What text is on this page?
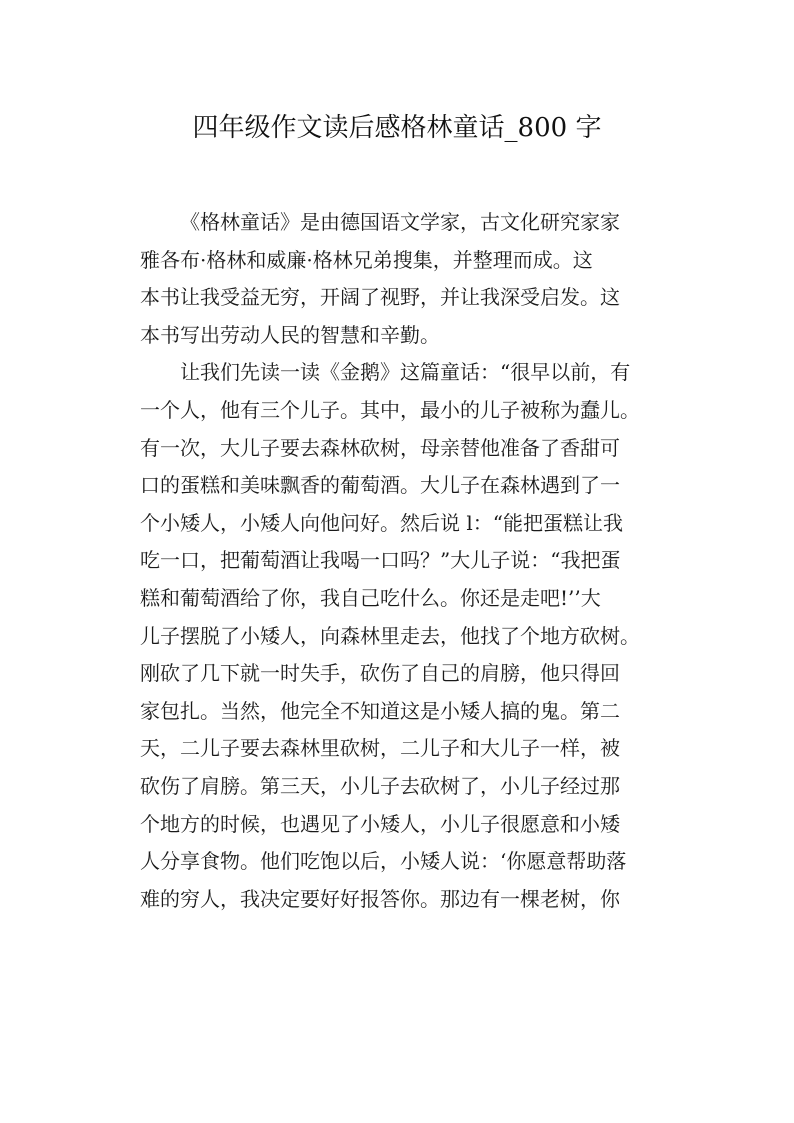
四年级作文读后感格林童话_800 字

《格林童话》是由德国语文学家，古文化研究家家
雅各布·格林和威廉·格林兄弟搜集，并整理而成。这
本书让我受益无穷，开阔了视野，并让我深受启发。这
本书写出劳动人民的智慧和辛勤。

让我们先读一读《金鹅》这篇童话：“很早以前，有
一个人，他有三个儿子。其中，最小的儿子被称为蠢儿。
有一次，大儿子要去森林砍树，母亲替他准备了香甜可
口的蛋糕和美味飘香的葡萄酒。大儿子在森林遇到了一
个小矮人，小矮人向他问好。然后说 l：“能把蛋糕让我
吃一口，把葡萄酒让我喝一口吗？”大儿子说：“我把蛋
糕和葡萄酒给了你，我自己吃什么。你还是走吧!’’大
儿子摆脱了小矮人，向森林里走去，他找了个地方砍树。
刚砍了几下就一时失手，砍伤了自己的肩膀，他只得回
家包扎。当然，他完全不知道这是小矮人搞的鬼。第二
天，二儿子要去森林里砍树，二儿子和大儿子一样，被
砍伤了肩膀。第三天，小儿子去砍树了，小儿子经过那
个地方的时候，也遇见了小矮人，小儿子很愿意和小矮
人分享食物。他们吃饱以后，小矮人说：‘你愿意帮助落
难的穷人，我决定要好好报答你。那边有一棵老树，你
